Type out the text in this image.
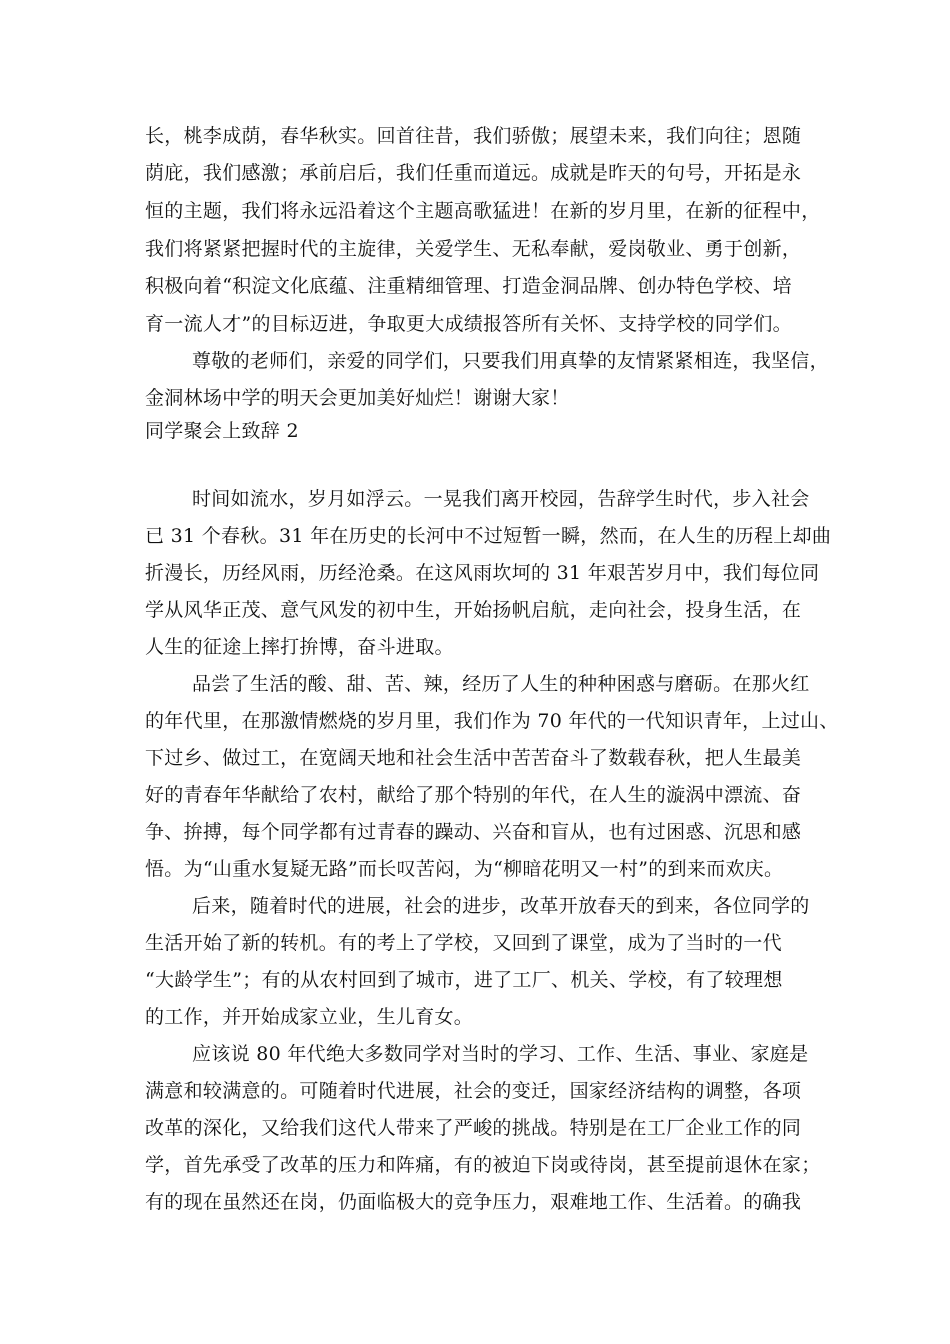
长，桃李成荫，春华秋实。回首往昔，我们骄傲；展望未来，我们向往；恩随
荫庇，我们感激；承前启后，我们任重而道远。成就是昨天的句号，开拓是永
恒的主题，我们将永远沿着这个主题高歌猛进！在新的岁月里，在新的征程中，
我们将紧紧把握时代的主旋律，关爱学生、无私奉献，爱岗敬业、勇于创新，
积极向着“积淀文化底蕴、注重精细管理、打造金洞品牌、创办特色学校、培
育一流人才”的目标迈进，争取更大成绩报答所有关怀、支持学校的同学们。
尊敬的老师们，亲爱的同学们，只要我们用真挚的友情紧紧相连，我坚信，
金洞林场中学的明天会更加美好灿烂！谢谢大家！
同学聚会上致辞 2
时间如流水，岁月如浮云。一晃我们离开校园，告辞学生时代，步入社会
已 31 个春秋。31 年在历史的长河中不过短暂一瞬，然而，在人生的历程上却曲
折漫长，历经风雨，历经沧桑。在这风雨坎坷的 31 年艰苦岁月中，我们每位同
学从风华正茂、意气风发的初中生，开始扬帆启航，走向社会，投身生活，在
人生的征途上摔打拚博，奋斗进取。
品尝了生活的酸、甜、苦、辣，经历了人生的种种困惑与磨砺。在那火红
的年代里，在那激情燃烧的岁月里，我们作为 70 年代的一代知识青年，上过山、
下过乡、做过工，在宽阔天地和社会生活中苦苦奋斗了数载春秋，把人生最美
好的青春年华献给了农村，献给了那个特别的年代，在人生的漩涡中漂流、奋
争、拚搏，每个同学都有过青春的躁动、兴奋和盲从，也有过困惑、沉思和感
悟。为“山重水复疑无路”而长叹苦闷，为“柳暗花明又一村”的到来而欢庆。
后来，随着时代的进展，社会的进步，改革开放春天的到来，各位同学的
生活开始了新的转机。有的考上了学校，又回到了课堂，成为了当时的一代
“大龄学生”；有的从农村回到了城市，进了工厂、机关、学校，有了较理想
的工作，并开始成家立业，生儿育女。
应该说 80 年代绝大多数同学对当时的学习、工作、生活、事业、家庭是
满意和较满意的。可随着时代进展，社会的变迁，国家经济结构的调整，各项
改革的深化，又给我们这代人带来了严峻的挑战。特别是在工厂企业工作的同
学，首先承受了改革的压力和阵痛，有的被迫下岗或待岗，甚至提前退休在家；
有的现在虽然还在岗，仍面临极大的竞争压力，艰难地工作、生活着。的确我
